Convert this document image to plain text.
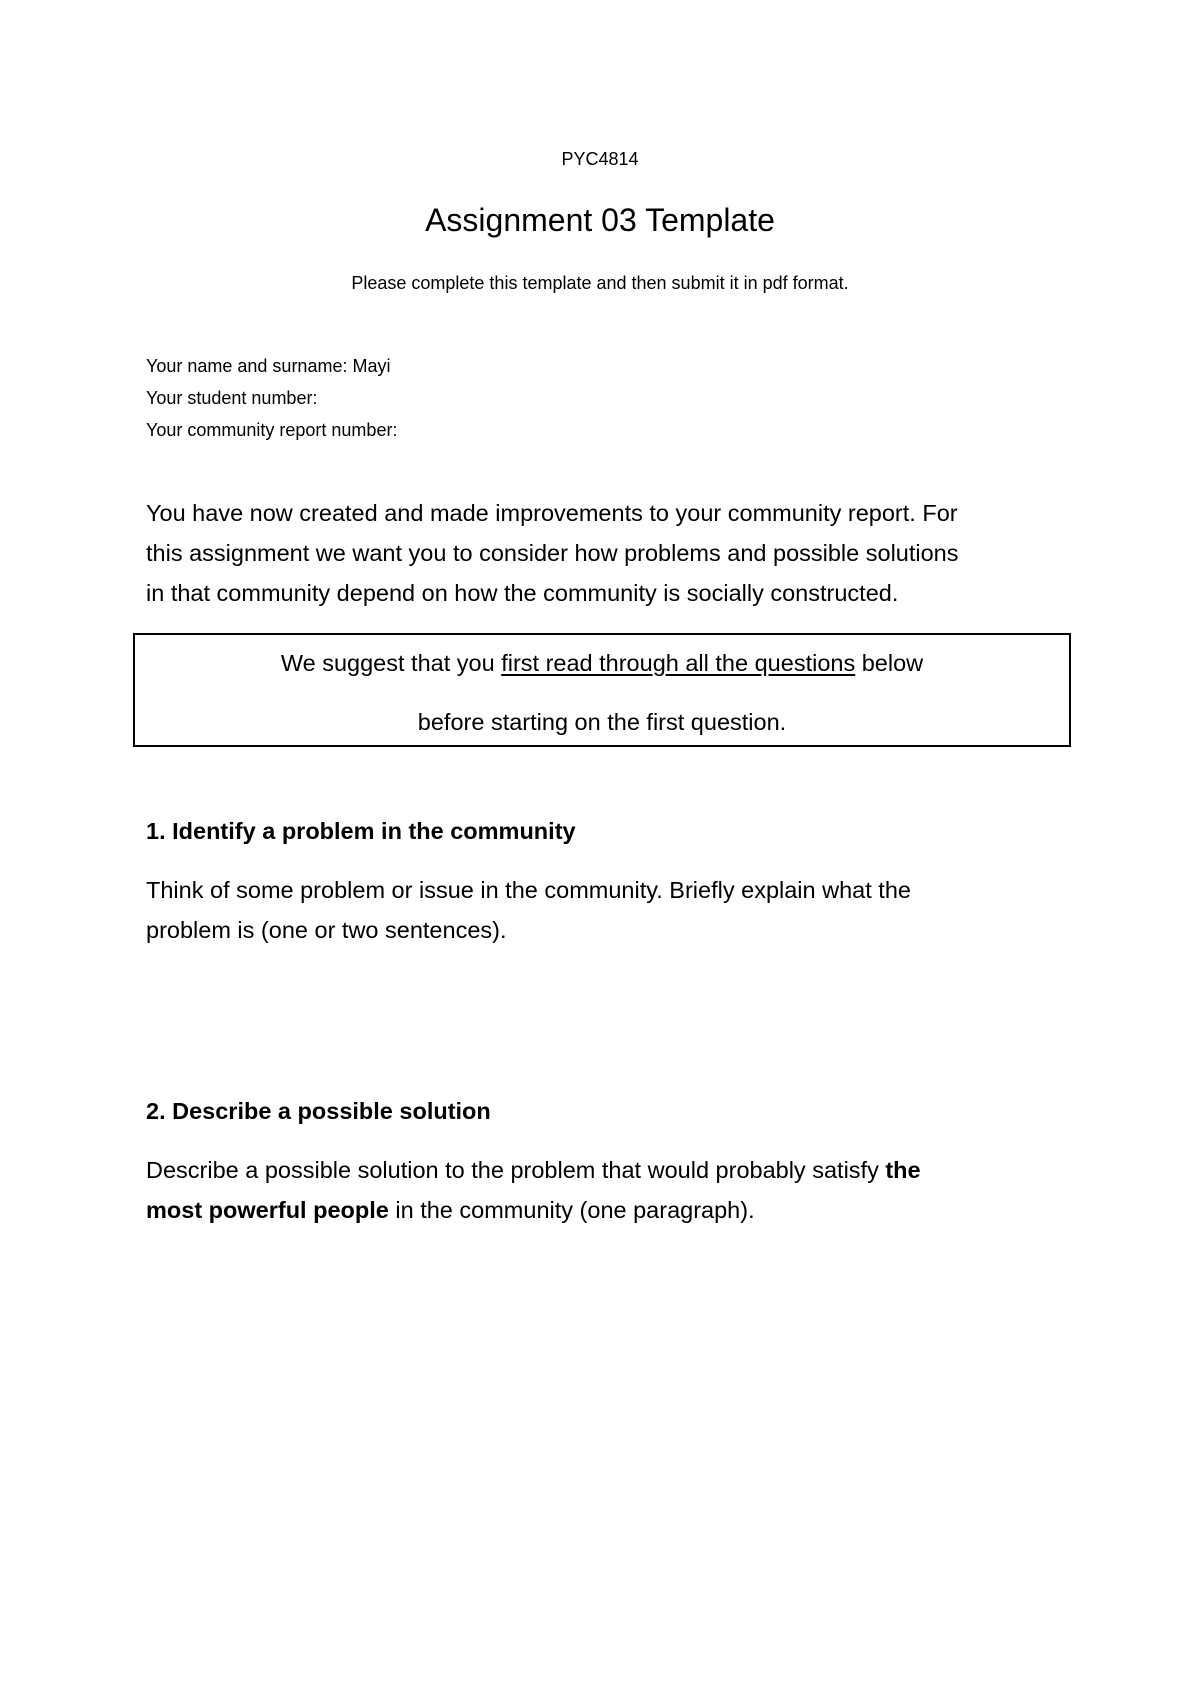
PYC4814

Assignment 03 Template

Please complete this template and then submit it in pdf format.

Your name and surname: Mayi
Your student number:
Your community report number:
You have now created and made improvements to your community report. For
this assignment we want you to consider how problems and possible solutions
in that community depend on how the community is socially constructed.
We suggest that you first read through all the questions below
before starting on the first question.
1. Identify a problem in the community
Think of some problem or issue in the community. Briefly explain what the
problem is (one or two sentences).
2. Describe a possible solution
Describe a possible solution to the problem that would probably satisfy the
most powerful people in the community (one paragraph).
